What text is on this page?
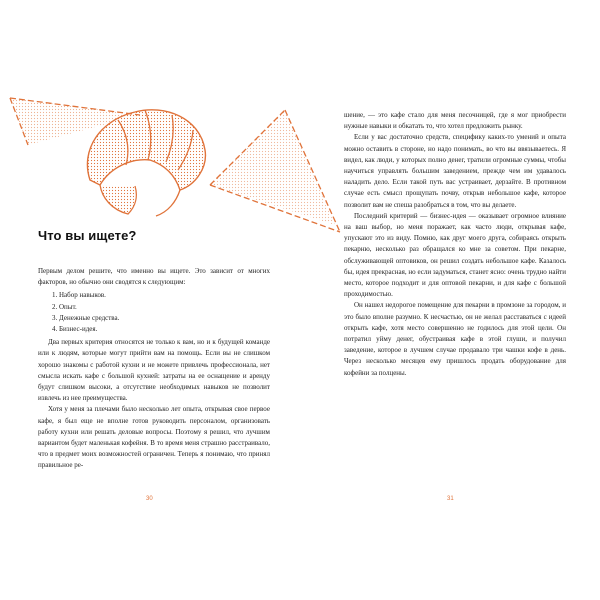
Что вы ищете?

Первым делом решите, что именно вы ищете. Это зависит от многих факторов, но обычно они сводятся к следующим:

1. Набор навыков.
2. Опыт.
3. Денежные средства.
4. Бизнес-идея.

Два первых критерия относятся не только к вам, но и к будущей команде или к людям, которые могут прийти вам на помощь. Если вы не слишком хорошо знакомы с работой кухни и не можете привлечь профессионала, нет смысла искать кафе с большой кухней: затраты на ее оснащение и аренду будут слишком высоки, а отсутствие необходимых навыков не позволит извлечь из нее преимущества.

Хотя у меня за плечами было несколько лет опыта, открывая свое первое кафе, я был еще не вполне готов руководить персоналом, организовать работу кухни или решать деловые вопросы. Поэтому я решил, что лучшим вариантом будет маленькая кофейня. В то время меня страшно расстраивало, что в предмет моих возможностей ограничен. Теперь я понимаю, что принял правильное ре-

30

шение, — это кафе стало для меня песочницей, где я мог приобрести нужные навыки и обкатать то, что хотел предложить рынку.

Если у вас достаточно средств, специфику каких-то умений и опыта можно оставить в стороне, но надо понимать, во что вы ввязываетесь. Я видел, как люди, у которых полно денег, тратили огромные суммы, чтобы научиться управлять большим заведением, прежде чем им удавалось наладить дело. Если такой путь вас устраивает, дерзайте. В противном случае есть смысл прощупать почву, открыв небольшое кафе, которое позволит вам не спеша разобраться в том, что вы делаете.

Последний критерий — бизнес-идея — оказывает огромное влияние на ваш выбор, но меня поражает, как часто люди, открывая кафе, упускают это из виду. Помню, как друг моего друга, собираясь открыть пекарню, несколько раз обращался ко мне за советом. При пекарне, обслуживающей оптовиков, он решил создать небольшое кафе. Казалось бы, идея прекрасная, но если задуматься, станет ясно: очень трудно найти место, которое подходит и для оптовой пекарни, и для кафе с большой проходимостью.

Он нашел недорогое помещение для пекарни в промзоне за городом, и это было вполне разумно. К несчастью, он не желал расставаться с идеей открыть кафе, хотя место совершенно не годилось для этой цели. Он потратил уйму денег, обустраивая кафе в этой глуши, и получил заведение, которое в лучшем случае продавало три чашки кофе в день. Через несколько месяцев ему пришлось продать оборудование для кофейни за полцены.

31
